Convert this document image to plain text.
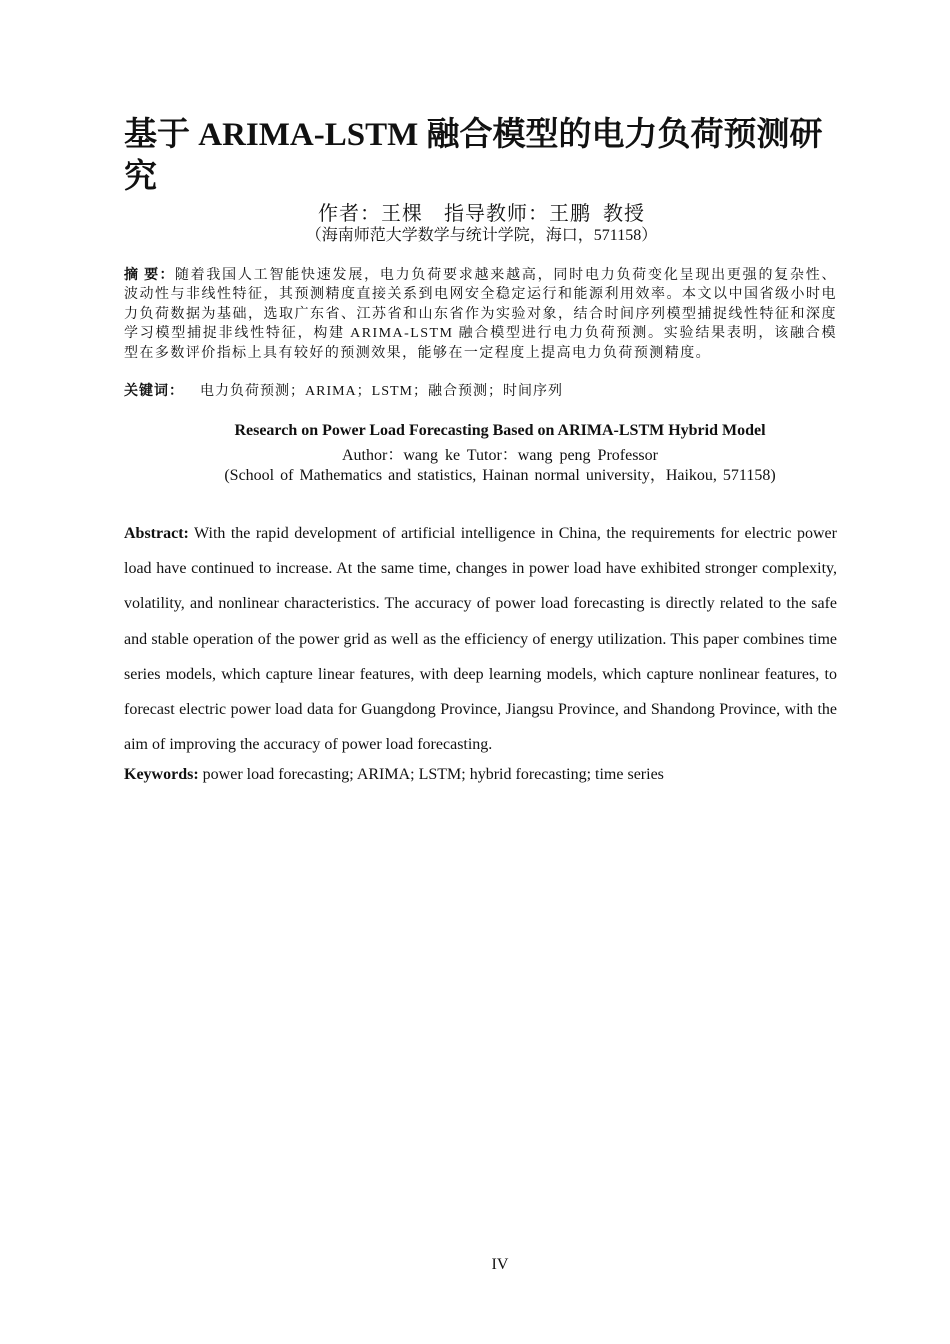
基于 ARIMA-LSTM 融合模型的电力负荷预测研究
作者：王棵　指导教师：王鹏 教授
（海南师范大学数学与统计学院，海口，571158）
摘 要：随着我国人工智能快速发展，电力负荷要求越来越高，同时电力负荷变化呈现出更强的复杂性、波动性与非线性特征，其预测精度直接关系到电网安全稳定运行和能源利用效率。本文以中国省级小时电力负荷数据为基础，选取广东省、江苏省和山东省作为实验对象，结合时间序列模型捕捉线性特征和深度学习模型捕捉非线性特征，构建 ARIMA-LSTM 融合模型进行电力负荷预测。实验结果表明，该融合模型在多数评价指标上具有较好的预测效果，能够在一定程度上提高电力负荷预测精度。
关键词： 电力负荷预测；ARIMA；LSTM；融合预测；时间序列
Research on Power Load Forecasting Based on ARIMA-LSTM Hybrid Model
Author：wang ke Tutor：wang peng Professor
(School of Mathematics and statistics, Hainan normal university，Haikou, 571158)
Abstract: With the rapid development of artificial intelligence in China, the requirements for electric power load have continued to increase. At the same time, changes in power load have exhibited stronger complexity, volatility, and nonlinear characteristics. The accuracy of power load forecasting is directly related to the safe and stable operation of the power grid as well as the efficiency of energy utilization. This paper combines time series models, which capture linear features, with deep learning models, which capture nonlinear features, to forecast electric power load data for Guangdong Province, Jiangsu Province, and Shandong Province, with the aim of improving the accuracy of power load forecasting.
Keywords: power load forecasting; ARIMA; LSTM; hybrid forecasting; time series
IV
